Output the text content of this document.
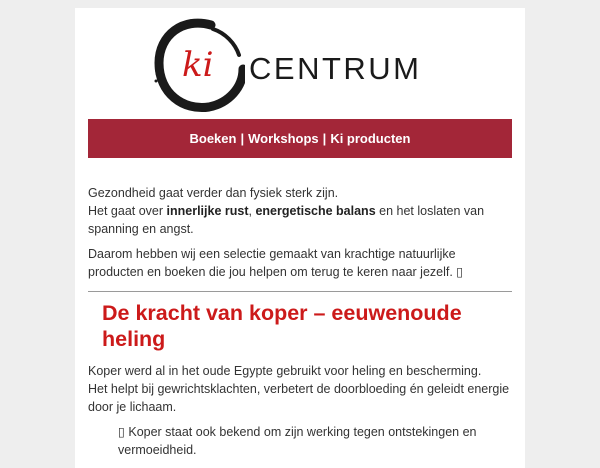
ki CENTRUM
Boeken | Workshops | Ki producten

Gezondheid gaat verder dan fysiek sterk zijn.
Het gaat over innerlijke rust, energetische balans en het loslaten van spanning en angst.

Daarom hebben wij een selectie gemaakt van krachtige natuurlijke producten en boeken die jou helpen om terug te keren naar jezelf. ▯

De kracht van koper – eeuwenoude heling

Koper werd al in het oude Egypte gebruikt voor heling en bescherming.
Het helpt bij gewrichtsklachten, verbetert de doorbloeding én geleidt energie door je lichaam.

▯ Koper staat ook bekend om zijn werking tegen ontstekingen en vermoeidheid.
